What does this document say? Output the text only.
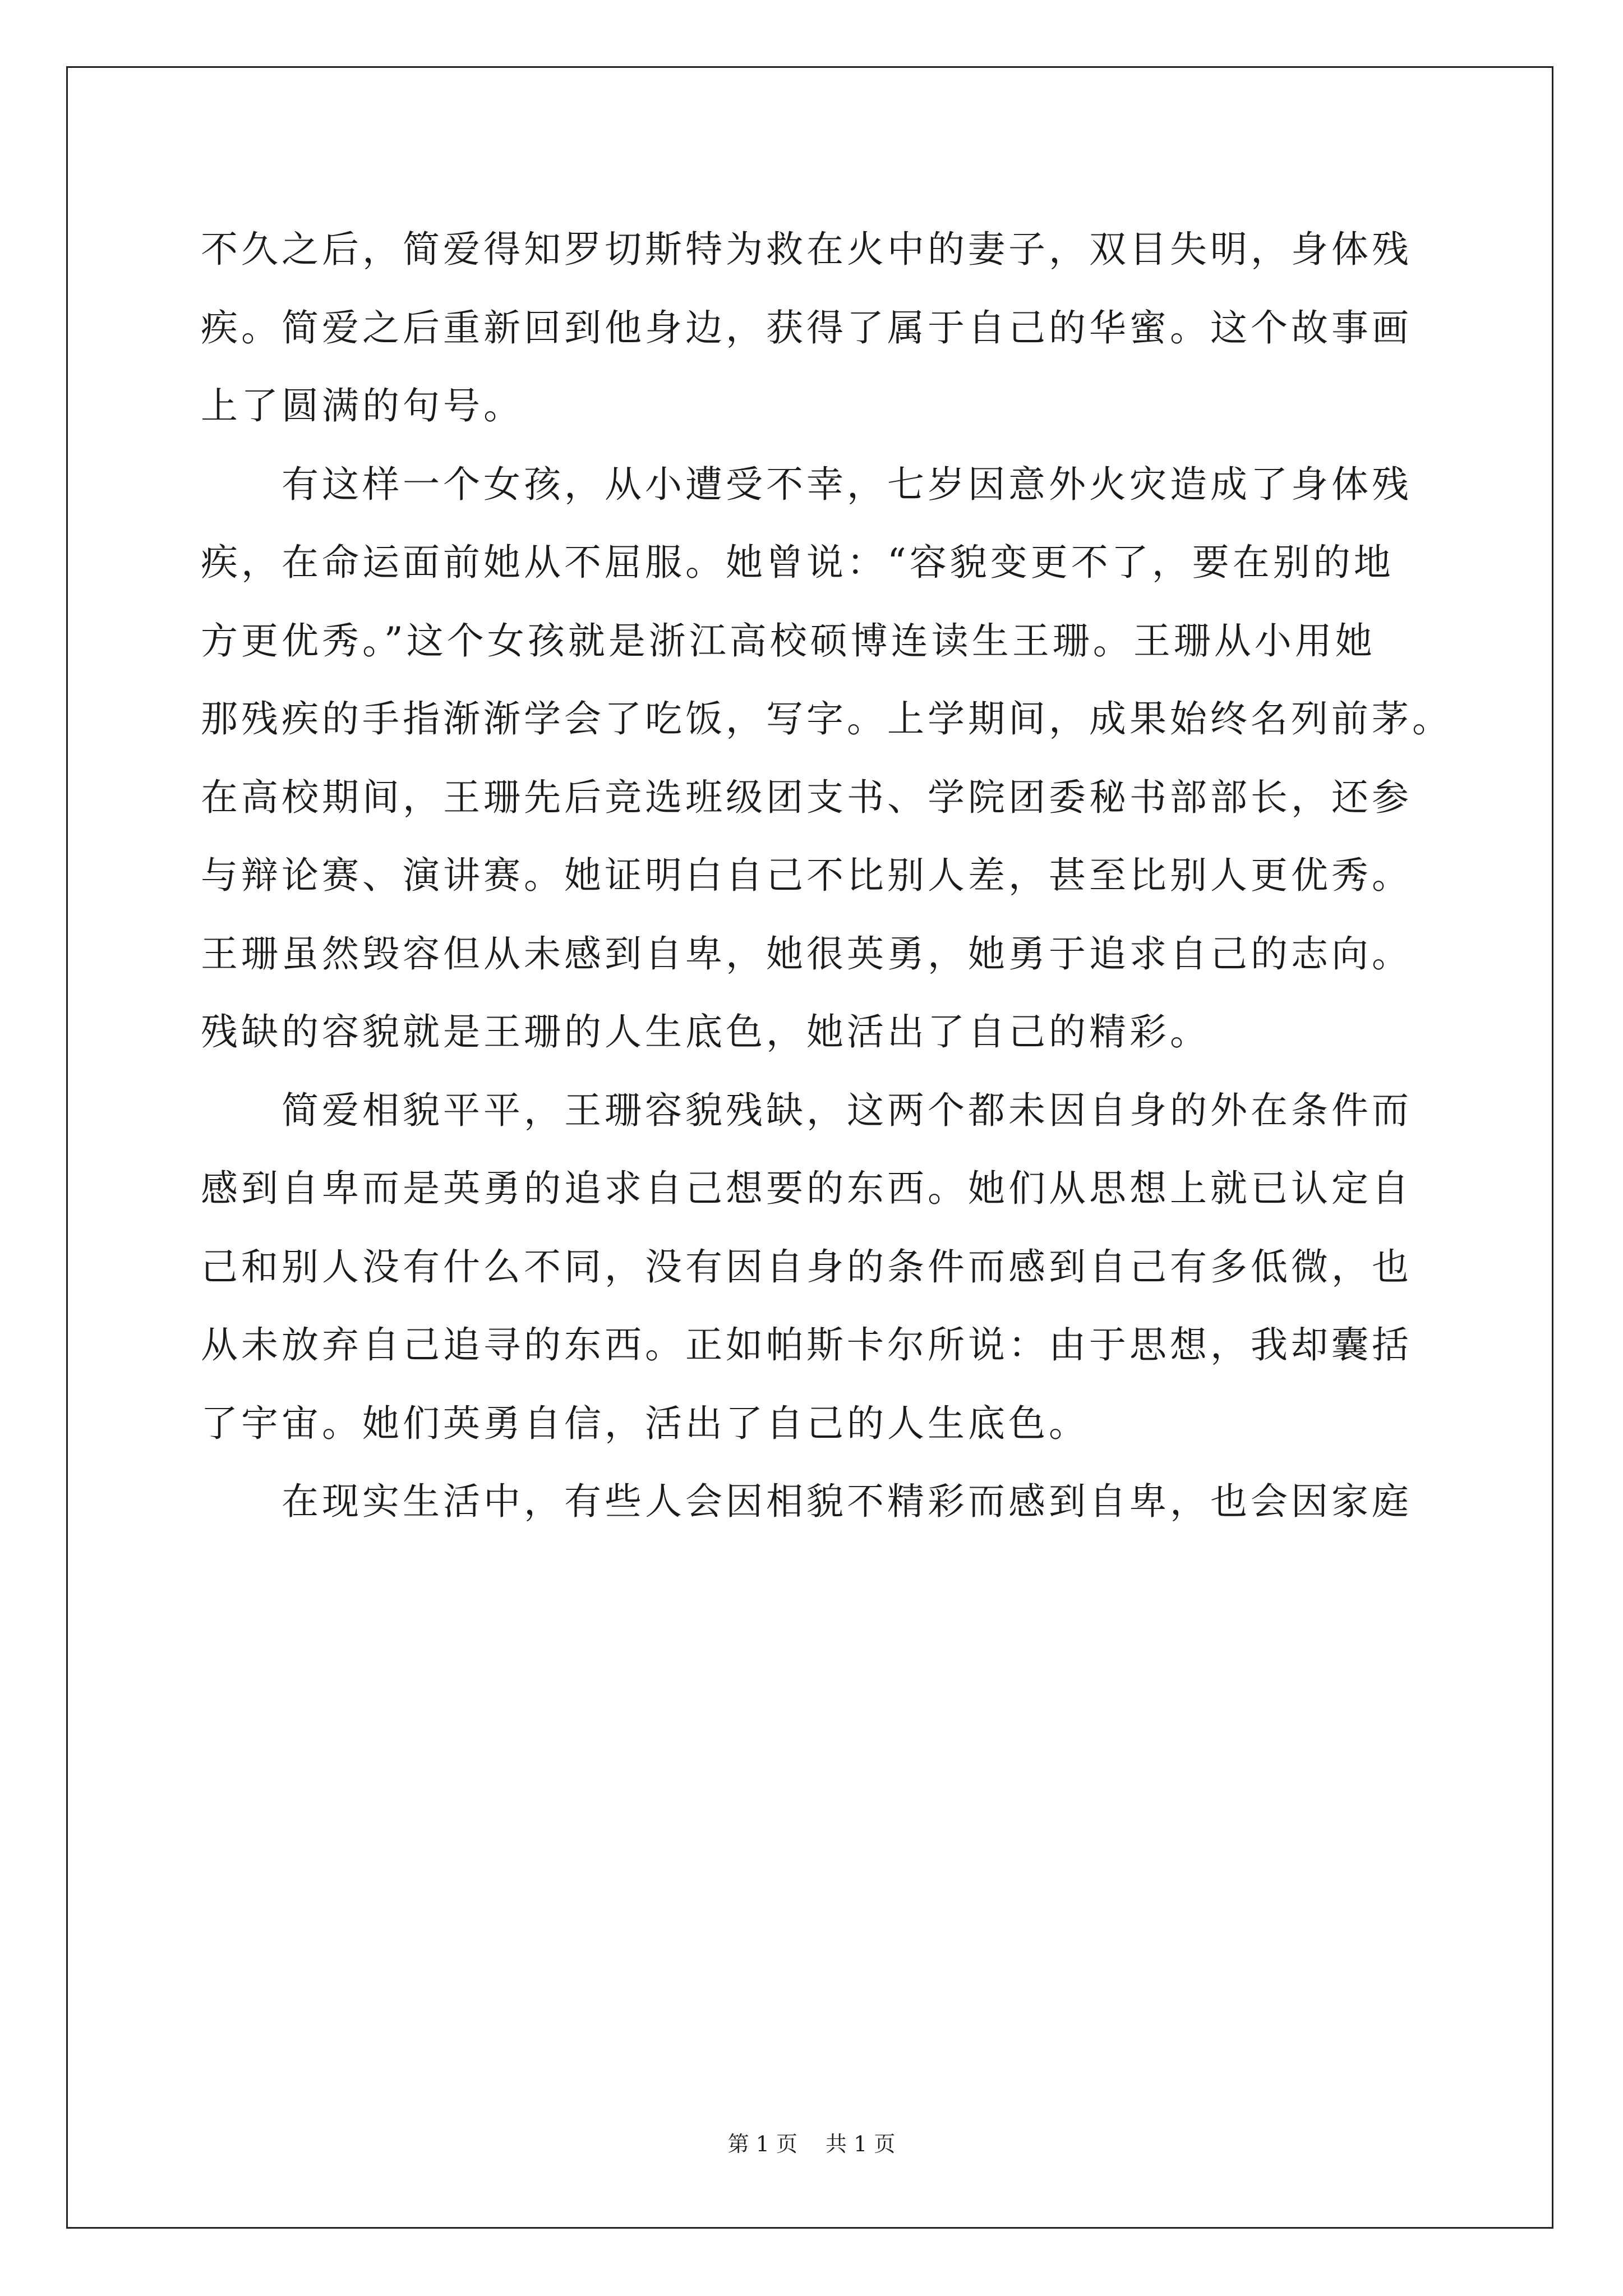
不久之后，简爱得知罗切斯特为救在火中的妻子，双目失明，身体残
疾。简爱之后重新回到他身边，获得了属于自己的华蜜。这个故事画
上了圆满的句号。
　　有这样一个女孩，从小遭受不幸，七岁因意外火灾造成了身体残
疾，在命运面前她从不屈服。她曾说：“容貌变更不了，要在别的地
方更优秀。”这个女孩就是浙江高校硕博连读生王珊。王珊从小用她
那残疾的手指渐渐学会了吃饭，写字。上学期间，成果始终名列前茅。
在高校期间，王珊先后竞选班级团支书、学院团委秘书部部长，还参
与辩论赛、演讲赛。她证明白自己不比别人差，甚至比别人更优秀。
王珊虽然毁容但从未感到自卑，她很英勇，她勇于追求自己的志向。
残缺的容貌就是王珊的人生底色，她活出了自己的精彩。
　　简爱相貌平平，王珊容貌残缺，这两个都未因自身的外在条件而
感到自卑而是英勇的追求自己想要的东西。她们从思想上就已认定自
己和别人没有什么不同，没有因自身的条件而感到自己有多低微，也
从未放弃自己追寻的东西。正如帕斯卡尔所说：由于思想，我却囊括
了宇宙。她们英勇自信，活出了自己的人生底色。
　　在现实生活中，有些人会因相貌不精彩而感到自卑，也会因家庭
第 1 页　 共 1 页
